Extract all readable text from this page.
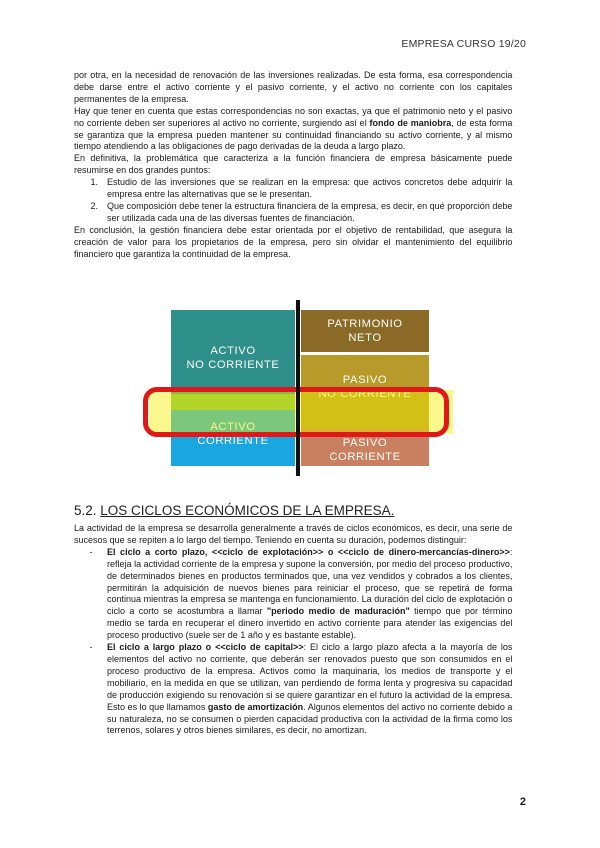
EMPRESA CURSO 19/20

por otra, en la necesidad de renovación de las inversiones realizadas. De esta forma, esa correspondencia debe darse entre el activo corriente y el pasivo corriente, y el activo no corriente con los capitales permanentes de la empresa.

Hay que tener en cuenta que estas correspondencias no son exactas, ya que el patrimonio neto y el pasivo no corriente deben ser superiores al activo no corriente, surgiendo así el fondo de maniobra, de esta forma se garantiza que la empresa pueden mantener su continuidad financiando su activo corriente, y al mismo tiempo atendiendo a las obligaciones de pago derivadas de la deuda a largo plazo.

En definitiva, la problemática que caracteriza a la función financiera de empresa básicamente puede resumirse en dos grandes puntos:

1. Estudio de las inversiones que se realizan en la empresa: que activos concretos debe adquirir la empresa entre las alternativas que se le presentan.
2. Que composición debe tener la estructura financiera de la empresa, es decir, en qué proporción debe ser utilizada cada una de las diversas fuentes de financiación.

En conclusión, la gestión financiera debe estar orientada por el objetivo de rentabilidad, que asegura la creación de valor para los propietarios de la empresa, pero sin olvidar el mantenimiento del equilibrio financiero que garantiza la continuidad de la empresa.

ACTIVO
NO CORRIENTE
ACTIVO
CORRIENTE
PATRIMONIO
NETO
PASIVO
NO CORRIENTE
PASIVO
CORRIENTE
5.2. LOS CICLOS ECONÓMICOS DE LA EMPRESA.

La actividad de la empresa se desarrolla generalmente a través de ciclos económicos, es decir, una serie de sucesos que se repiten a lo largo del tiempo. Teniendo en cuenta su duración, podemos distinguir:

- El ciclo a corto plazo, <<ciclo de explotación>> o <<ciclo de dinero-mercancías-dinero>>: refleja la actividad corriente de la empresa y supone la conversión, por medio del proceso productivo, de determinados bienes en productos terminados que, una vez vendidos y cobrados a los clientes, permitirán la adquisición de nuevos bienes para reiniciar el proceso, que se repetirá de forma continua mientras la empresa se mantenga en funcionamiento. La duración del ciclo de explotación o ciclo a corto se acostumbra a llamar "periodo medio de maduración" tiempo que por término medio se tarda en recuperar el dinero invertido en activo corriente para atender las exigencias del proceso productivo (suele ser de 1 año y es bastante estable).

- El ciclo a largo plazo o <<ciclo de capital>>: El ciclo a largo plazo afecta a la mayoría de los elementos del activo no corriente, que deberán ser renovados puesto que son consumidos en el proceso productivo de la empresa. Activos como la maquinaria, los medios de transporte y el mobiliario, en la medida en que se utilizan, van perdiendo de forma lenta y progresiva su capacidad de producción exigiendo su renovación si se quiere garantizar en el futuro la actividad de la empresa. Esto es lo que llamamos gasto de amortización. Algunos elementos del activo no corriente debido a su naturaleza, no se consumen o pierden capacidad productiva con la actividad de la firma como los terrenos, solares y otros bienes similares, es decir, no amortizan.

2
